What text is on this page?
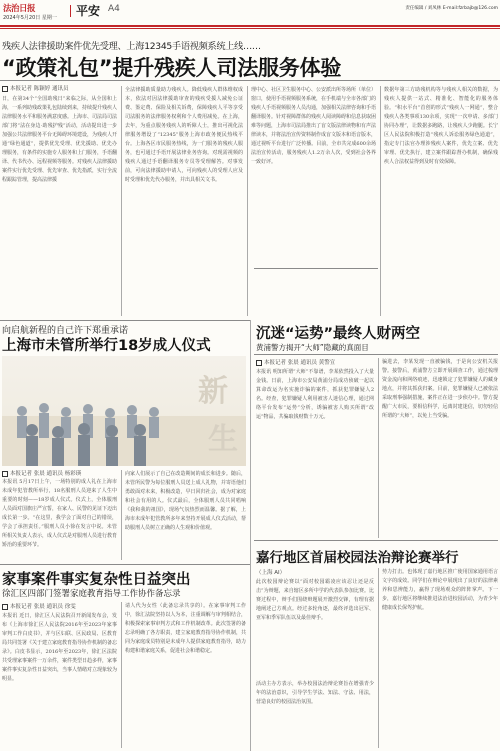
法治日报
2024年5月20日 星期一 平安 A4	责任编辑 / 刘凤林 E-mail:fzrbajb@126.com
残疾人法律援助案件优先受理、上海12345手语视频系统上线……
“政策礼包”提升残疾人司法服务体验
本报记者 陈颖婷 通讯员
日，在第34个“全国助残日”来临之际，从全国和上海，一系列助残政策礼包陆续到来，持续提升残疾人法律服务水平和服务满意度感。上海市、司法局司法部门将“法在身边·助残护残”活动，活动提出进一步加强公共法律服务平台无障碍环境建设，为残疾人开通“绿色通道”，提供优先受理、优先援助、优先办理服务，有条件的实施专人服务和上门服务，手语翻译、代书代办、远程视频等服务。对残疾人法律援助案件实行优先受理、优先审查、优先指派，实行全流程跟踪管理，提高法律援
全法律援助质量助力残疾人。降低残疾人群体维权成本，依法对因法律援助审查的残疾受援人减免公证费、鉴定费、保险及相关诉费，保障残疾人平等享受司法服务的法律服务权利和个人费用减免。在上海，去年，为重点服务残疾人的听障人士，推出可视化法律服务增设了“12345”服务上海市政务便民热线平台。上海各区市民服务热线，为一门服务的残疾人服务，也可通过手语开展法律业务咨询。对现需视频的残疾人通过手语翻译服务专员等受理解答。对事发前，可向法律援助申请人，可向残疾人的受理人应及时受理和优先代办服务，并出具相关文书。
理中心、社区卫生服务中心、公安派出所等场所（单位）窗口，使用手语视频服务系统，在手机端与全市各部门的残疾人手语视频服务人员沟通，加强相关法律咨询和手语翻译服务。针对视障群体的残疾人阅读障碍和信息获取困难等问题，上海市司法局推出了盲文版法律读物和有声法律读本，并将法治宣传资料制作成盲文版本和语音版本，通过视听平台进行广泛传播。目前，全市共完成600余场法治宣传活动，服务残疾人1.2万余人次，受到社会各界一致好评。
数据年第三方助残机构等与残疾人相关的数据，为残疾人提供一站式、精准化、智能化的服务体验。“积水平台”首创的形式“残疾人一网通”，整合残疾人各类事项130余项，实现“一次申请、多部门协同办理”，让数据多跑路，让残疾人少跑腿。长宁区人民法院积极打造“残疾人诉讼服务绿色通道”，指定专门法官办理涉残疾人案件，优先立案、优先审理、优先执行，建立案件跟踪督办机制，确保残疾人合法权益得到及时有效保障。
向启航新程的自己许下郑重承诺
上海市未管所举行18岁成人仪式
新
生
本报记者 张晨 通讯员 杨彩瑛
本报讯 5月17日上午，一场特别的成人礼在上海市未成年犯管教所举行，18名服刑人员迎来了人生中重要的时刻——18岁成人仪式。仪式上，全体服刑人员面对国旗庄严宣誓，在家人、民警的见证下迈出成长第一步。“在这里，我学会了面对自己的错误，学会了承担责任。”服刑人员小徐在发言中说。未管所相关负责人表示，成人仪式是对服刑人员进行教育矫治的重要环节。
向家人们展示了自己在改造期间的成长和进步。随后，未管所民警为每位服刑人员送上成人礼物，并寄语他们勇敢面对未来，积极改造，早日回归社会，成为对家庭和社会有用的人。仪式最后，全体服刑人员共同唱响《我和我的祖国》，现场气氛热烈而温馨。据了解，上海市未成年犯管教所多年来坚持开展成人仪式活动，帮助服刑人员树立正确的人生观和价值观。
家事案件事实复杂性日益突出
徐汇区四部门签署家庭教育指导工作协作备忘录
本报记者 张晨 通讯员 徐雯
本报讯 近日，徐汇区人民法院召开新闻发布会，发布《上海市徐汇区人民法院2016年至2023年家事审判工作白皮书》，并与区妇联、区民政局、区教育局共同签署《关于建立家庭教育指导协作机制的备忘录》。白皮书显示，2016年至2023年，徐汇区法院共受理家事案件一万余件，案件类型日趋多样，家事案件事实复杂性日益突出，当事人情绪对立现象较为明显。
请人代为女性（此备忘录共享的）。在家事审判工作中，徐汇法院坚持以人为本，注重调解与审判相结合，积极探索家事审判方式和工作机制改革。此次签署的备忘录明确了各方职责，建立家庭教育指导协作机制，共同为家庭成员特别是未成年人提供家庭教育指导，助力构建和谐家庭关系，促进社会和谐稳定。
沉迷“运势”最终人财两空
黄浦警方揭开“大师”隐藏的真面目
本报记者 张晨 通讯员 黄警宣
本报讯 明知所谓“大师”不靠谱，李某依然投入了大量金钱。日前，上海市公安局黄浦分局成功侦破一起以算命改运为名实施诈骗的案件，抓获犯罪嫌疑人2名。经查，犯罪嫌疑人利用被害人迷信心理，通过网络平台发布“运势”分析，诱骗被害人购买所谓“改运”物品，共骗取钱财数十万元。
骗进去，李某发现一直被骗钱，于是向公安机关报警。接警后，黄浦警方立即开展调查工作，通过梳理资金流向和网络痕迹，迅速锁定了犯罪嫌疑人的藏身地点，并将其抓获归案。目前，犯罪嫌疑人已被依法采取刑事强制措施，案件正在进一步侦办中。警方提醒广大市民，要相信科学，远离封建迷信，切勿轻信所谓的“大师”，以免上当受骗。
嘉行地区首届校园法治辩论赛举行
（上海 AI）
此次校园辩论赛以“面对校园霸凌应该忍让还是反击”为辩题，来自辖区多所中学的代表队参加比赛。比赛过程中，辩手们围绕辩题展开激烈交锋，有理有据地阐述己方观点。经过多轮角逐，最终评选出冠军、亚军和季军队伍以及最佳辩手。
活动主办方表示，举办校园法治辩论赛旨在增强青少年的法治意识，引导学生学法、知法、守法、用法，营造良好的校园法治氛围。
势力打击。也体现了嘉行地区推广使用国家通用语言文字的成效。同学们在辩论中展现出了良好的法律素养和思辨能力，赢得了现场观众的阵阵掌声。下一步，嘉行地区将继续推进法治进校园活动，为青少年健康成长保驾护航。
